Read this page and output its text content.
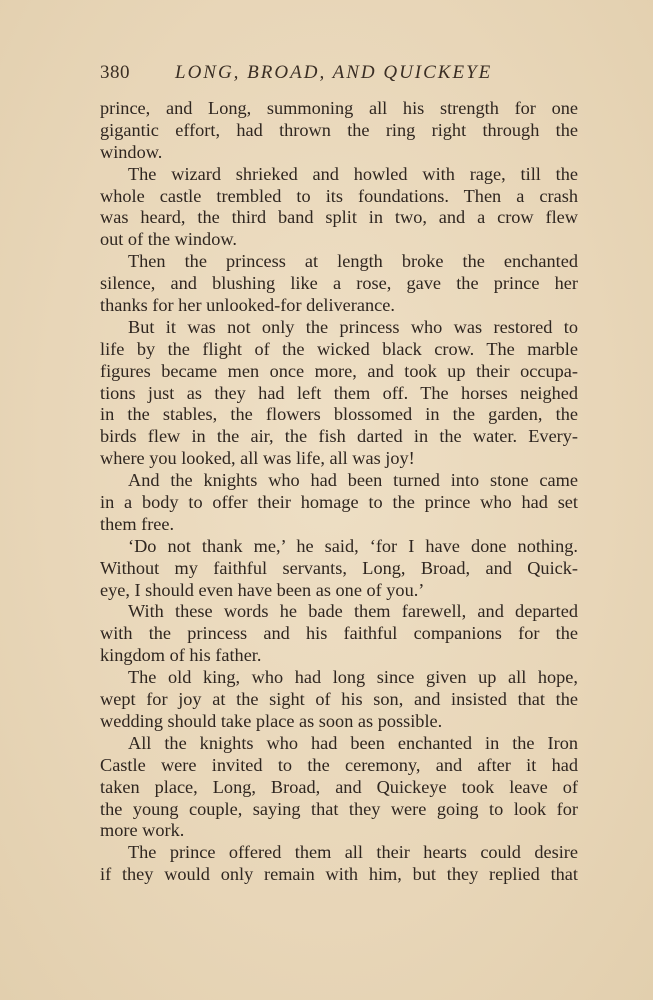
380 LONG, BROAD, AND QUICKEYE
prince, and Long, summoning all his strength for one
gigantic effort, had thrown the ring right through the
window.
The wizard shrieked and howled with rage, till the
whole castle trembled to its foundations. Then a crash
was heard, the third band split in two, and a crow flew
out of the window.
Then the princess at length broke the enchanted
silence, and blushing like a rose, gave the prince her
thanks for her unlooked-for deliverance.
But it was not only the princess who was restored to
life by the flight of the wicked black crow. The marble
figures became men once more, and took up their occupa-
tions just as they had left them off. The horses neighed
in the stables, the flowers blossomed in the garden, the
birds flew in the air, the fish darted in the water. Every-
where you looked, all was life, all was joy!
And the knights who had been turned into stone came
in a body to offer their homage to the prince who had set
them free.
‘Do not thank me,’ he said, ‘for I have done nothing.
Without my faithful servants, Long, Broad, and Quick-
eye, I should even have been as one of you.’
With these words he bade them farewell, and departed
with the princess and his faithful companions for the
kingdom of his father.
The old king, who had long since given up all hope,
wept for joy at the sight of his son, and insisted that the
wedding should take place as soon as possible.
All the knights who had been enchanted in the Iron
Castle were invited to the ceremony, and after it had
taken place, Long, Broad, and Quickeye took leave of
the young couple, saying that they were going to look for
more work.
The prince offered them all their hearts could desire
if they would only remain with him, but they replied that
